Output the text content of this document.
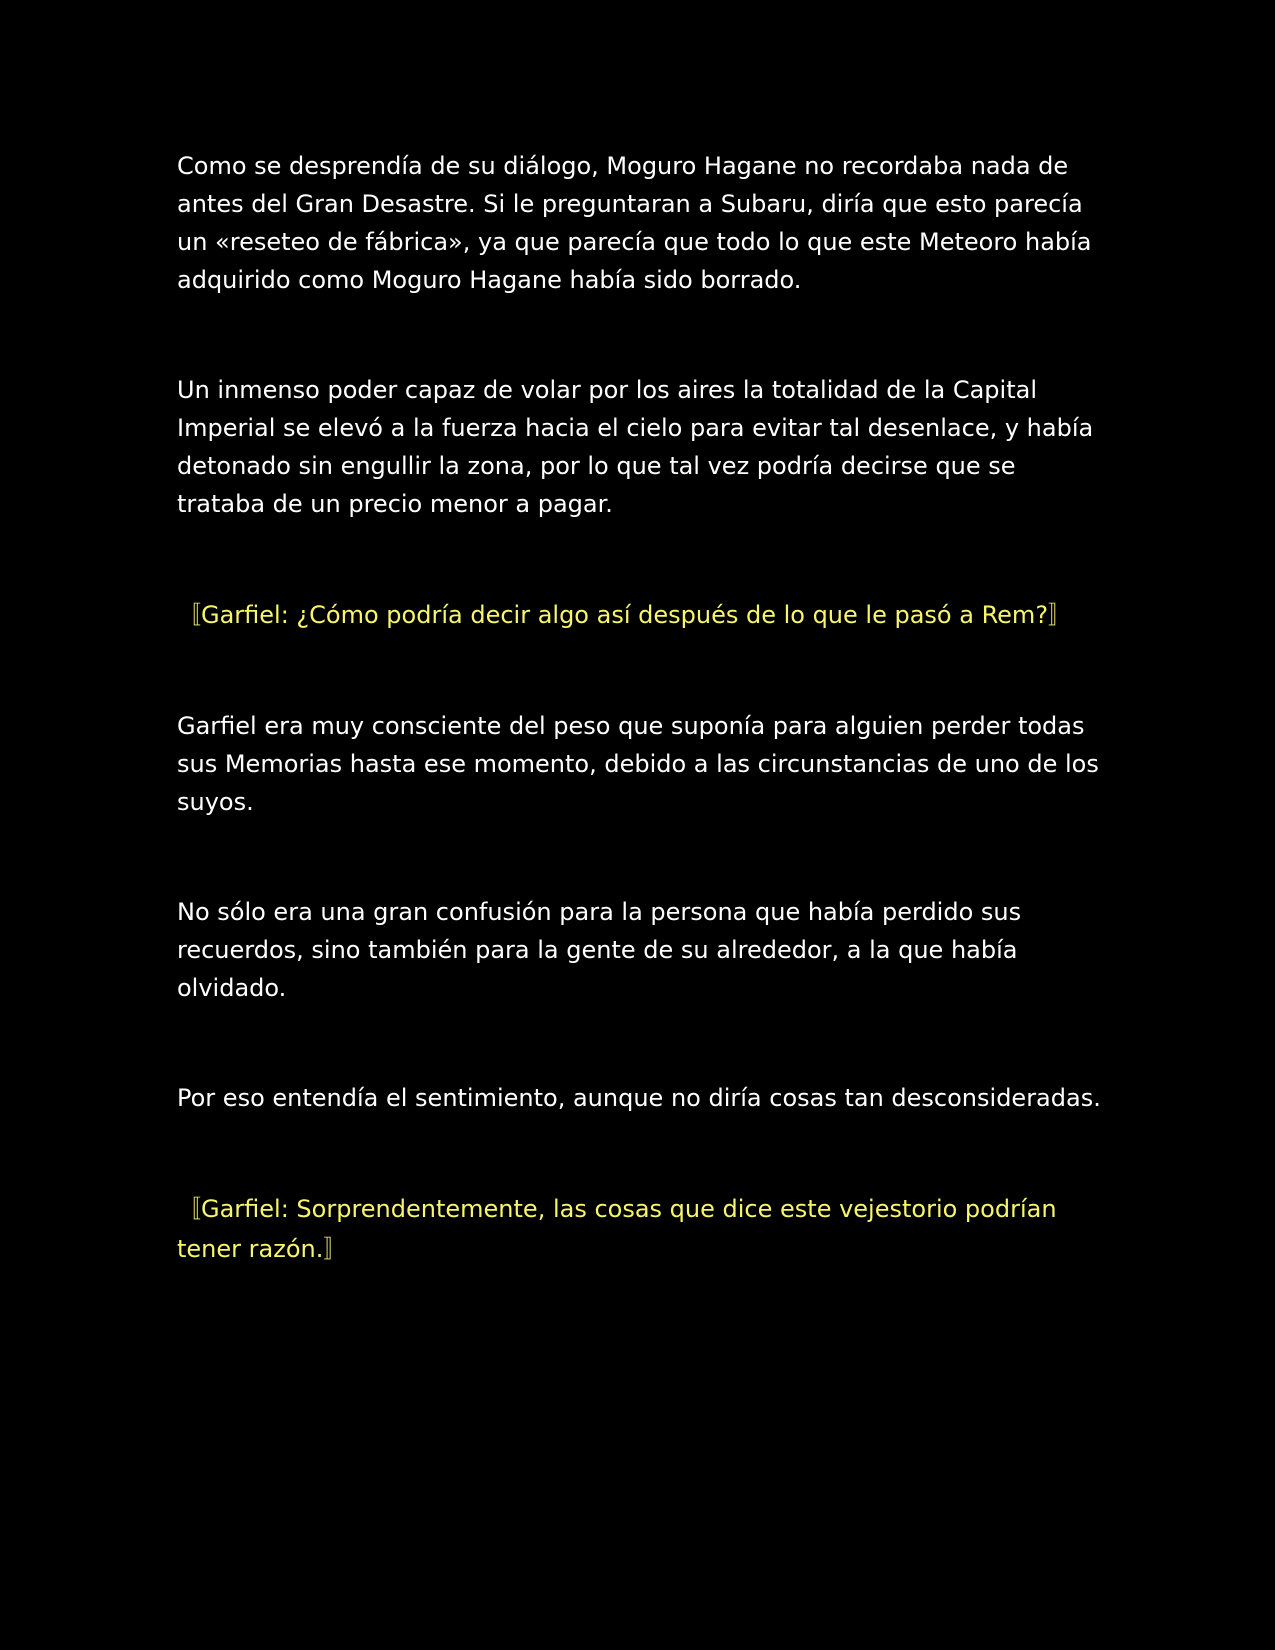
Como se desprendía de su diálogo, Moguro Hagane no recordaba nada de antes del Gran Desastre. Si le preguntaran a Subaru, diría que esto parecía un «reseteo de fábrica», ya que parecía que todo lo que este Meteoro había adquirido como Moguro Hagane había sido borrado.

Un inmenso poder capaz de volar por los aires la totalidad de la Capital Imperial se elevó a la fuerza hacia el cielo para evitar tal desenlace, y había detonado sin engullir la zona, por lo que tal vez podría decirse que se trataba de un precio menor a pagar.

〚Garfiel: ¿Cómo podría decir algo así después de lo que le pasó a Rem?〛

Garfiel era muy consciente del peso que suponía para alguien perder todas sus Memorias hasta ese momento, debido a las circunstancias de uno de los suyos.

No sólo era una gran confusión para la persona que había perdido sus recuerdos, sino también para la gente de su alrededor, a la que había olvidado.

Por eso entendía el sentimiento, aunque no diría cosas tan desconsideradas.

〚Garfiel: Sorprendentemente, las cosas que dice este vejestorio podrían tener razón.〛
